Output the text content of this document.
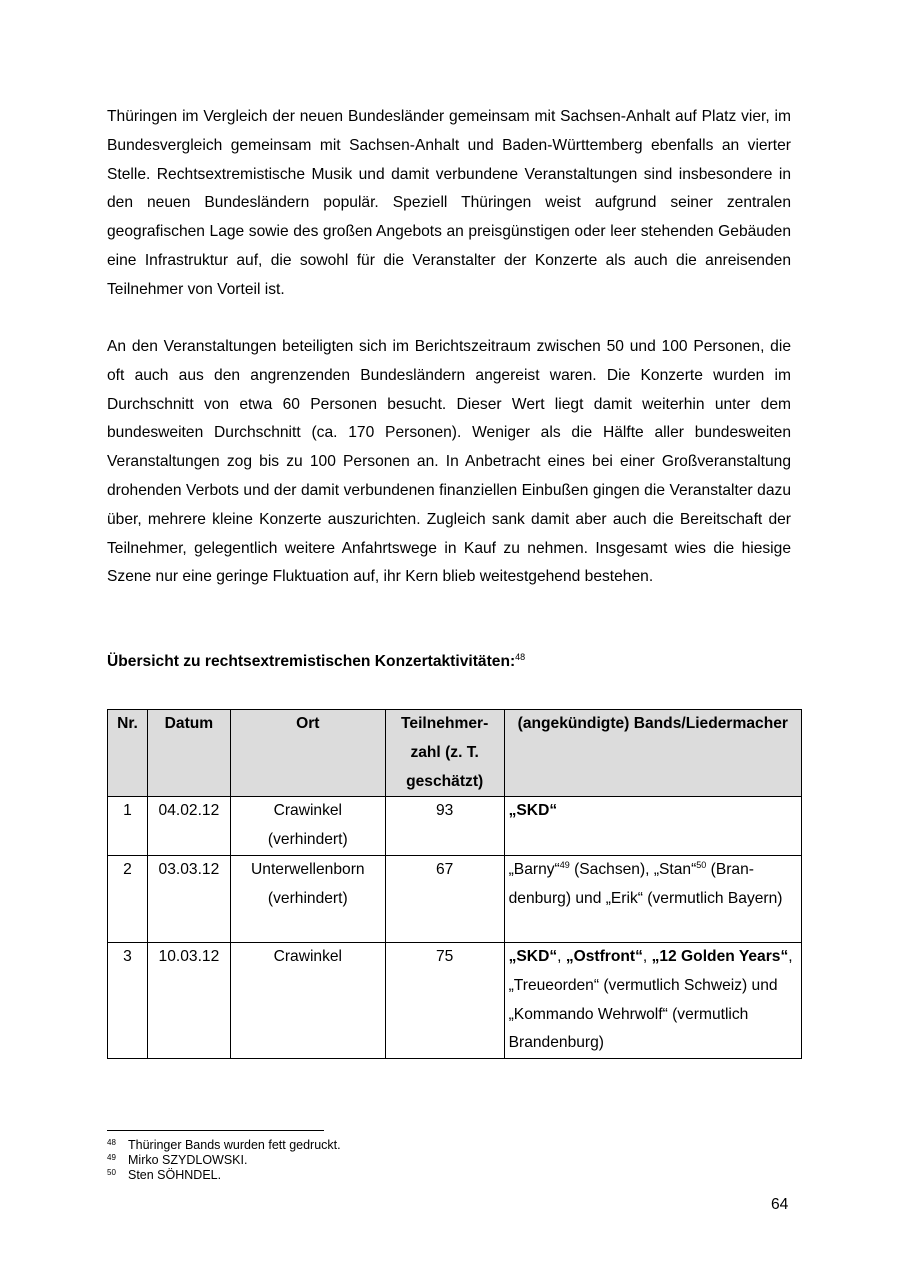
Thüringen im Vergleich der neuen Bundesländer gemeinsam mit Sachsen-Anhalt auf Platz vier, im Bundesvergleich gemeinsam mit Sachsen-Anhalt und Baden-Württemberg ebenfalls an vierter Stelle. Rechtsextremistische Musik und damit verbundene Veranstaltungen sind insbesondere in den neuen Bundesländern populär. Speziell Thüringen weist aufgrund seiner zentralen geografischen Lage sowie des großen Angebots an preisgünstigen oder leer stehenden Gebäuden eine Infrastruktur auf, die sowohl für die Veranstalter der Konzerte als auch die anreisenden Teilnehmer von Vorteil ist.

An den Veranstaltungen beteiligten sich im Berichtszeitraum zwischen 50 und 100 Personen, die oft auch aus den angrenzenden Bundesländern angereist waren. Die Konzerte wurden im Durchschnitt von etwa 60 Personen besucht. Dieser Wert liegt damit weiterhin unter dem bundesweiten Durchschnitt (ca. 170 Personen). Weniger als die Hälfte aller bundesweiten Veranstaltungen zog bis zu 100 Personen an. In Anbetracht eines bei einer Großveranstaltung drohenden Verbots und der damit verbundenen finanziellen Einbußen gingen die Veranstalter dazu über, mehrere kleine Konzerte auszurichten. Zugleich sank damit aber auch die Bereitschaft der Teilnehmer, gelegentlich weitere Anfahrtswege in Kauf zu nehmen. Insgesamt wies die hiesige Szene nur eine geringe Fluktuation auf, ihr Kern blieb weitestgehend bestehen.

Übersicht zu rechtsextremistischen Konzertaktivitäten:$^{48}$

Nr.	Datum	Ort	Teilnehmer-zahl (z. T. geschätzt)	(angekündigte) Bands/Liedermacher
1	04.02.12	Crawinkel (verhindert)	93	„SKD“
2	03.03.12	Unterwellenborn (verhindert)	67	„Barny“$^{49}$ (Sachsen), „Stan“$^{50}$ (Brandenburg) und „Erik“ (vermutlich Bayern)
3	10.03.12	Crawinkel	75	„SKD“, „Ostfront“, „12 Golden Years“, „Treueorden“ (vermutlich Schweiz) und „Kommando Wehrwolf“ (vermutlich Brandenburg)
48 Thüringer Bands wurden fett gedruckt.
49 Mirko SZYDLOWSKI.
50 Sten SÖHNDEL.
64
